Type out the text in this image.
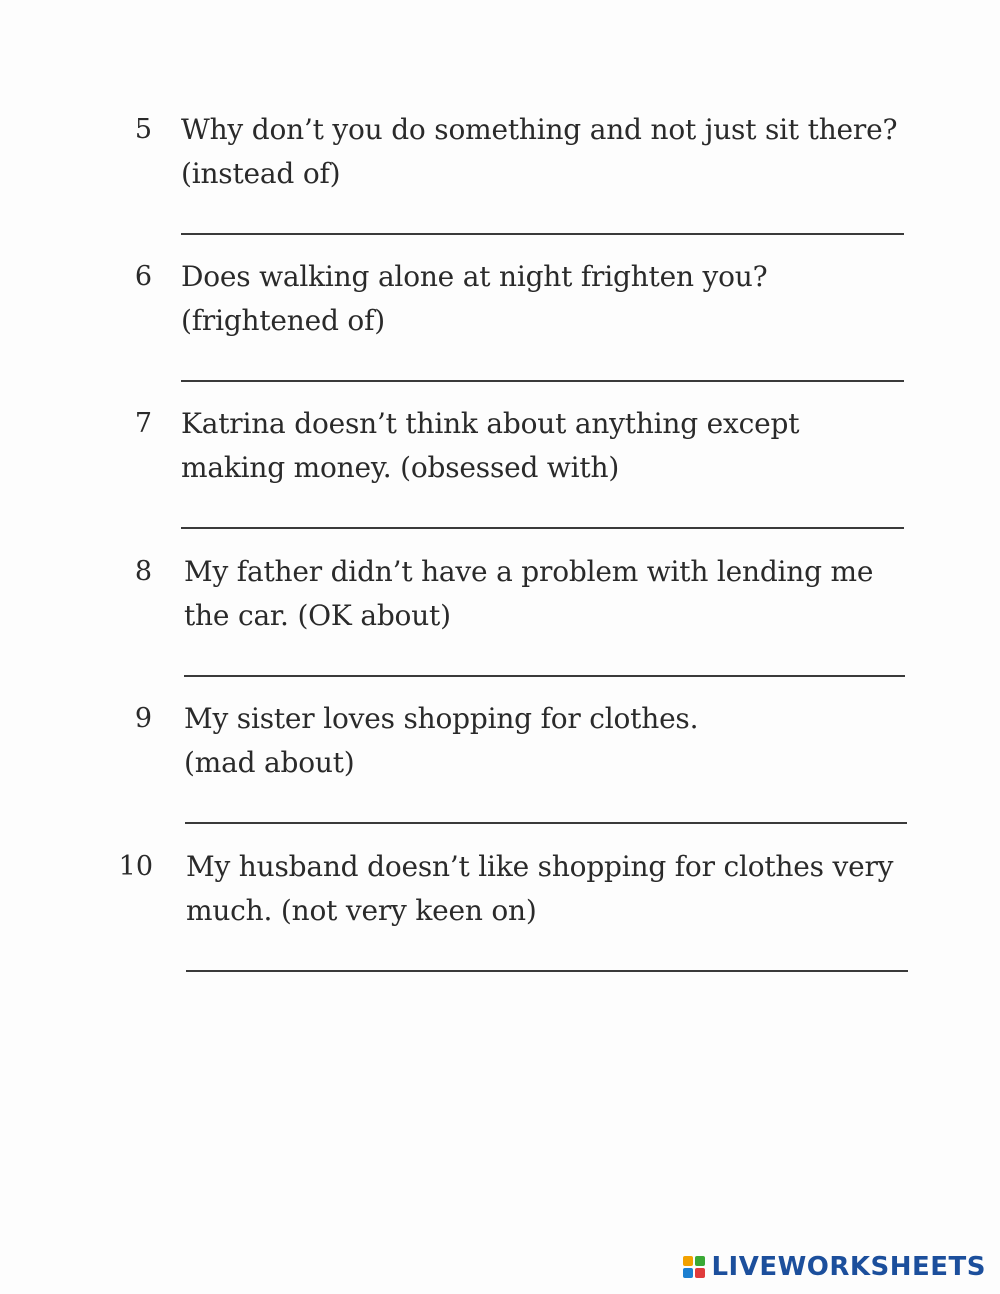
5 Why don’t you do something and not just sit there?
(instead of)
6 Does walking alone at night frighten you?
(frightened of)
7 Katrina doesn’t think about anything except
making money. (obsessed with)
8 My father didn’t have a problem with lending me
the car. (OK about)
9 My sister loves shopping for clothes.
(mad about)
10 My husband doesn’t like shopping for clothes very
much. (not very keen on)
LIVEWORKSHEETS
